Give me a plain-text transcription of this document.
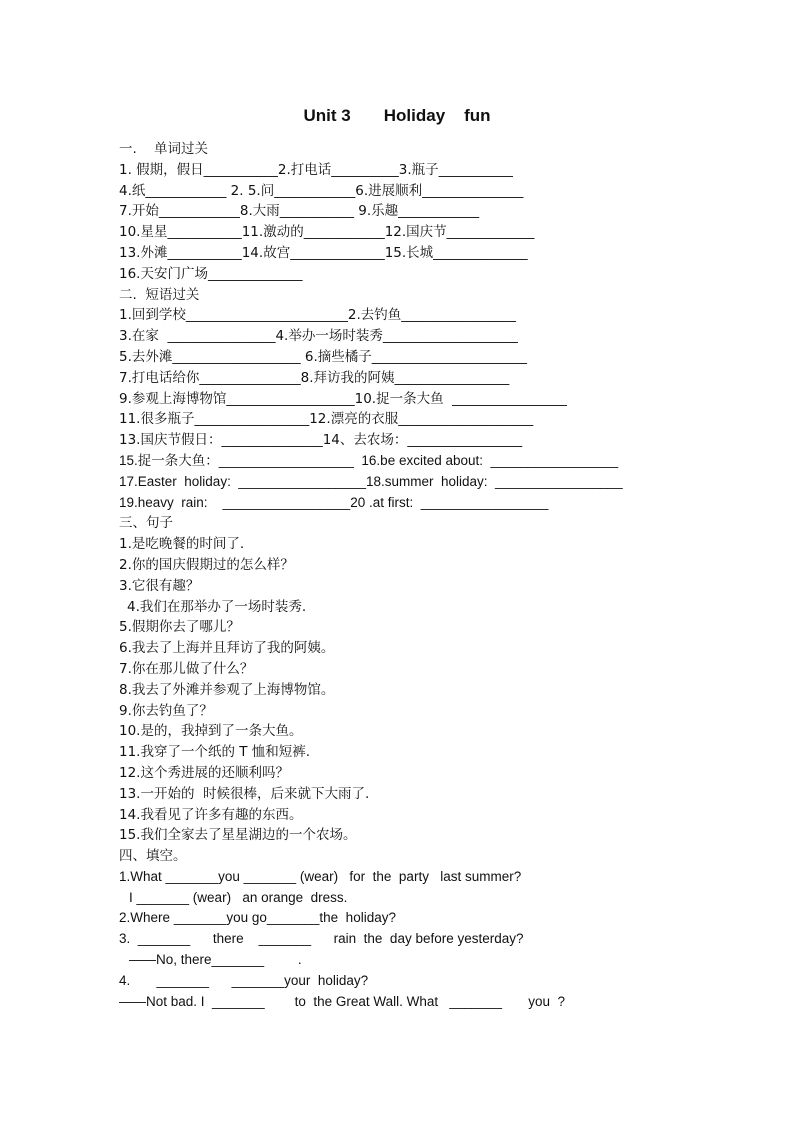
Unit 3       Holiday    fun
一.    单词过关
1. 假期，假日___________2.打电话__________3.瓶子___________
4.纸____________ 2. 5.问____________6.进展顺利_______________
7.开始____________8.大雨___________ 9.乐趣____________
10.星星___________11.激动的____________12.国庆节_____________
13.外滩___________14.故宫______________15.长城______________
16.天安门广场______________
二.  短语过关
1.回到学校________________________2.去钓鱼_________________
3.在家  ________________4.举办一场时装秀____________________
5.去外滩___________________ 6.摘些橘子_______________________
7.打电话给你_______________8.拜访我的阿姨_________________
9.参观上海博物馆___________________10.捉一条大鱼  _________________
11.很多瓶子_________________12.漂亮的衣服____________________
13.国庆节假日：_______________14、去农场：_________________
15.捉一条大鱼：__________________  16.be excited about:  _________________
17.Easter  holiday:  _________________18.summer  holiday:  _________________
19.heavy  rain:    _________________20 .at first:  _________________
三、句子
1.是吃晚餐的时间了.
2.你的国庆假期过的怎么样？
3.它很有趣？
4.我们在那举办了一场时装秀.
5.假期你去了哪儿？
6.我去了上海并且拜访了我的阿姨。
7.你在那儿做了什么？
8.我去了外滩并参观了上海博物馆。
9.你去钓鱼了？
10.是的，我掉到了一条大鱼。
11.我穿了一个纸的 T 恤和短裤.
12.这个秀进展的还顺利吗？
13.一开始的  时候很棒，后来就下大雨了.
14.我看见了许多有趣的东西。
15.我们全家去了星星湖边的一个农场。
四、填空。
1.What _______you _______ (wear)   for  the  party   last summer?
I _______ (wear)   an orange  dress.
2.Where _______you go_______the  holiday?
3.  _______      there    _______      rain  the  day before yesterday?
——No, there_______         .
4.       _______      _______your  holiday?
——Not bad. I  _______        to  the Great Wall. What   _______       you  ?
